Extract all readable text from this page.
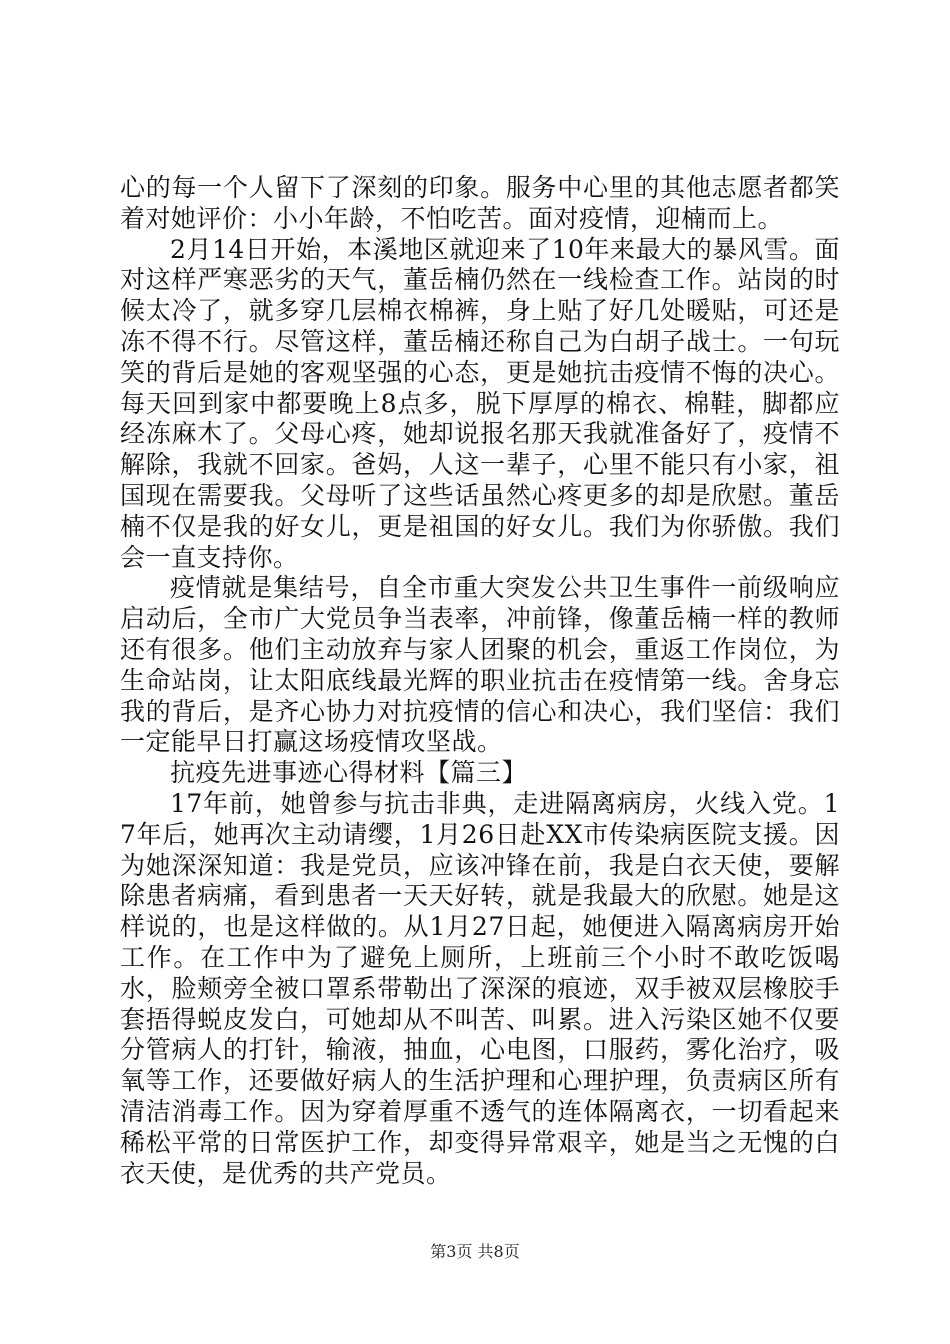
心的每一个人留下了深刻的印象。服务中心里的其他志愿者都笑着对她评价：小小年龄，不怕吃苦。面对疫情，迎楠而上。

2月14日开始，本溪地区就迎来了10年来最大的暴风雪。面对这样严寒恶劣的天气，董岳楠仍然在一线检查工作。站岗的时候太冷了，就多穿几层棉衣棉裤，身上贴了好几处暖贴，可还是冻不得不行。尽管这样，董岳楠还称自己为白胡子战士。一句玩笑的背后是她的客观坚强的心态，更是她抗击疫情不悔的决心。每天回到家中都要晚上8点多，脱下厚厚的棉衣、棉鞋，脚都应经冻麻木了。父母心疼，她却说报名那天我就准备好了，疫情不解除，我就不回家。爸妈，人这一辈子，心里不能只有小家，祖国现在需要我。父母听了这些话虽然心疼更多的却是欣慰。董岳楠不仅是我的好女儿，更是祖国的好女儿。我们为你骄傲。我们会一直支持你。

疫情就是集结号，自全市重大突发公共卫生事件一前级响应启动后，全市广大党员争当表率，冲前锋，像董岳楠一样的教师还有很多。他们主动放弃与家人团聚的机会，重返工作岗位，为生命站岗，让太阳底线最光辉的职业抗击在疫情第一线。舍身忘我的背后，是齐心协力对抗疫情的信心和决心，我们坚信：我们一定能早日打赢这场疫情攻坚战。

抗疫先进事迹心得材料【篇三】

17年前，她曾参与抗击非典，走进隔离病房，火线入党。17年后，她再次主动请缨，1月26日赴XX市传染病医院支援。因为她深深知道：我是党员，应该冲锋在前，我是白衣天使，要解除患者病痛，看到患者一天天好转，就是我最大的欣慰。她是这样说的，也是这样做的。从1月27日起，她便进入隔离病房开始工作。在工作中为了避免上厕所，上班前三个小时不敢吃饭喝水，脸颊旁全被口罩系带勒出了深深的痕迹，双手被双层橡胶手套捂得蜕皮发白，可她却从不叫苦、叫累。进入污染区她不仅要分管病人的打针，输液，抽血，心电图，口服药，雾化治疗，吸氧等工作，还要做好病人的生活护理和心理护理，负责病区所有清洁消毒工作。因为穿着厚重不透气的连体隔离衣，一切看起来稀松平常的日常医护工作，却变得异常艰辛，她是当之无愧的白衣天使，是优秀的共产党员。

第3页 共8页
